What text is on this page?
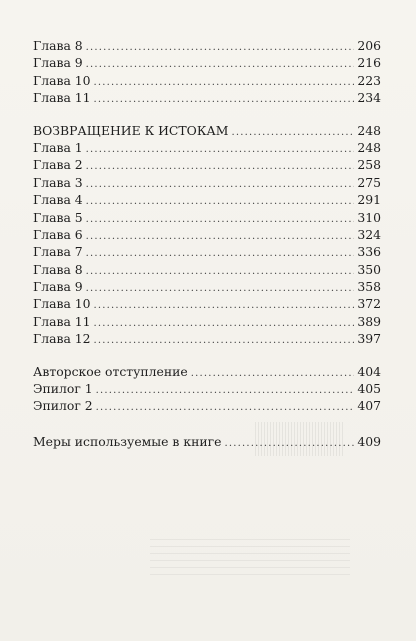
Глава 8 .....	206
Глава 9 .....	216
Глава 10 .....	223
Глава 11 .....	234
ВОЗВРАЩЕНИЕ К ИСТОКАМ .....	248
Глава 1 .....	248
Глава 2 .....	258
Глава 3 .....	275
Глава 4 .....	291
Глава 5 .....	310
Глава 6 .....	324
Глава 7 .....	336
Глава 8 .....	350
Глава 9 .....	358
Глава 10 .....	372
Глава 11 .....	389
Глава 12 .....	397
Авторское отступление .....	404
Эпилог 1 .....	405
Эпилог 2 .....	407
Меры используемые в книге .....	409
